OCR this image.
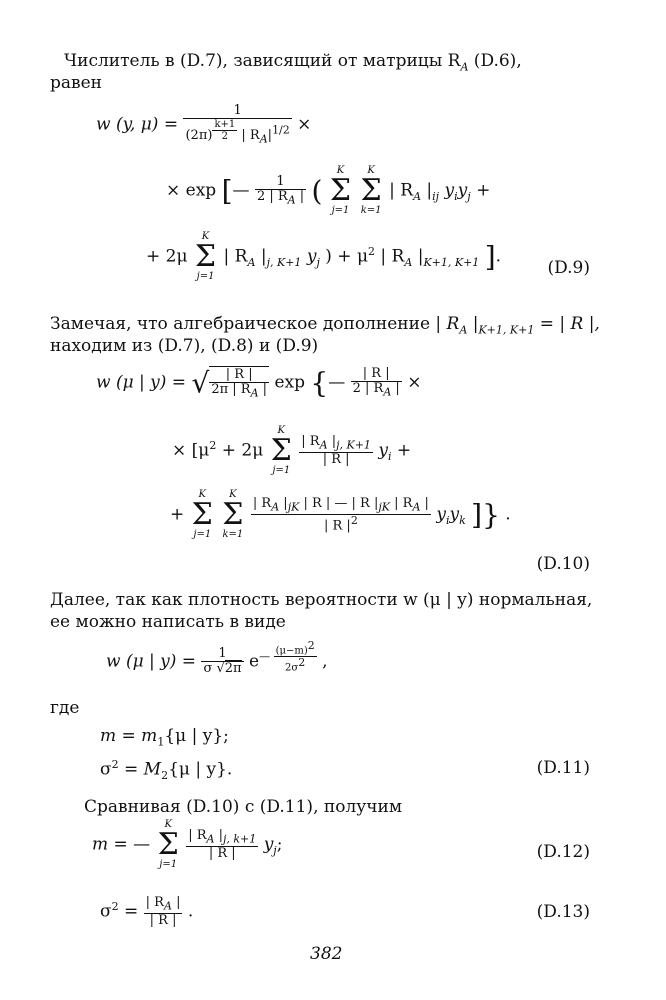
Числитель в (D.7), зависящий от матрицы $R_A$ (D.6),
равен
w (y, μ) = 1
(2π) $^{\frac{k+1}{2}}$ | $R_A|^{1/2}$ ×
× exp [— $\frac{1}{2 | R_A |}$ (
K
Σ
j=1

K
Σ
k=1
| $R_A$ $|_{ij}$ $y_iy_j$ +
+ 2μ
K
Σ
j=1
| $R_A$ $|_{j, K+1}$ $y_j$ ) + $\mu^2$ | $R_A$ $|_{K+1, K+1}$ ].
(D.9)
Замечая, что алгебраическое дополнение | $R_A$ $|_{K+1, K+1}$ = | R |,
находим из (D.7), (D.8) и (D.9)
w (μ | y) = √ $\frac{| R |}{2\pi | R_A |}$ exp {— $\frac{| R |}{2 | R_A |}$ ×
× [$\mu^2 + 2\mu$
K
Σ
j=1

$\frac{| R_A |_{j, K+1}}{| R |} y_i$ +
+
K
Σ
j=1

K
Σ
k=1

$\frac{| R_A |_{jK} | R | — | R |_{jK} | R_A |}{| R |^2} y_iy_k$ ]} .
(D.10)
Далее, так как плотность вероятности w (μ | y) нормальная,
ее можно написать в виде
w (μ | $y) = \frac{1}{\sigma √2\pi} e^{— \frac{(\mu-m)^2}{2\sigma^2}}$ ,
где
$m = m_1\{\mu$ | y};
$\sigma^2 = M_2\{\mu$ | y}.	(D.11)
Сравнивая (D.10) с (D.11), получим
m = —
K
Σ
j=1

$\frac{| R_A |_{j, k+1}}{| R |} y_j$;	(D.12)
$\sigma^2 = \frac{| R_A |}{| R |}$ .	(D.13)
382
